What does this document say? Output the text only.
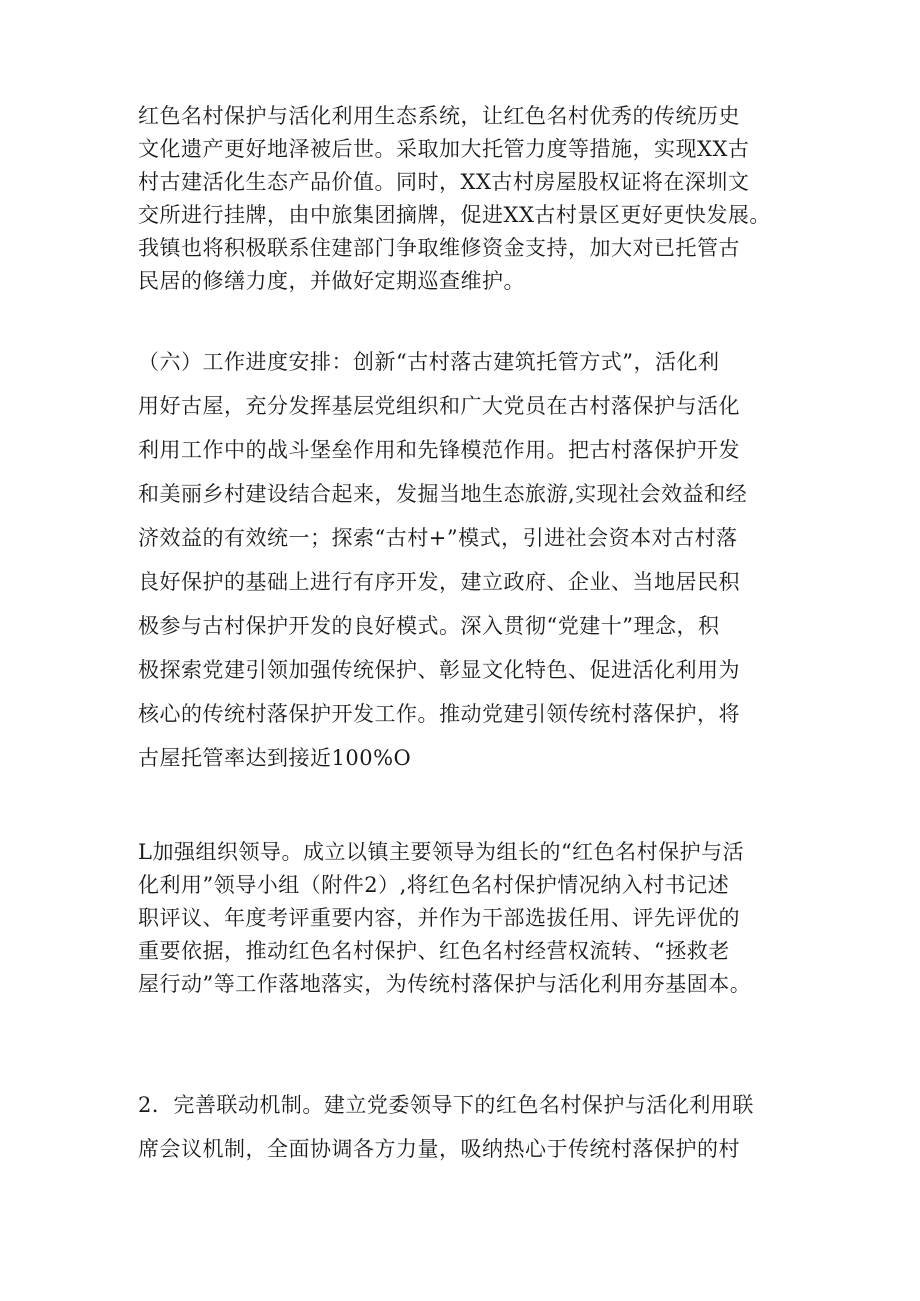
红色名村保护与活化利用生态系统，让红色名村优秀的传统历史
文化遗产更好地泽被后世。采取加大托管力度等措施，实现XX古
村古建活化生态产品价值。同时，XX古村房屋股权证将在深圳文
交所进行挂牌，由中旅集团摘牌，促进XX古村景区更好更快发展。
我镇也将积极联系住建部门争取维修资金支持，加大对已托管古
民居的修缮力度，并做好定期巡查维护。
（六）工作进度安排：创新“古村落古建筑托管方式”，活化利
用好古屋，充分发挥基层党组织和广大党员在古村落保护与活化
利用工作中的战斗堡垒作用和先锋模范作用。把古村落保护开发
和美丽乡村建设结合起来，发掘当地生态旅游,实现社会效益和经
济效益的有效统一；探索“古村+”模式，引进社会资本对古村落
良好保护的基础上进行有序开发，建立政府、企业、当地居民积
极参与古村保护开发的良好模式。深入贯彻“党建十”理念，积
极探索党建引领加强传统保护、彰显文化特色、促进活化利用为
核心的传统村落保护开发工作。推动党建引领传统村落保护，将
古屋托管率达到接近100%O
L加强组织领导。成立以镇主要领导为组长的“红色名村保护与活
化利用”领导小组（附件2）,将红色名村保护情况纳入村书记述
职评议、年度考评重要内容，并作为干部选拔任用、评先评优的
重要依据，推动红色名村保护、红色名村经营权流转、“拯救老
屋行动”等工作落地落实，为传统村落保护与活化利用夯基固本。
2．完善联动机制。建立党委领导下的红色名村保护与活化利用联
席会议机制，全面协调各方力量，吸纳热心于传统村落保护的村
